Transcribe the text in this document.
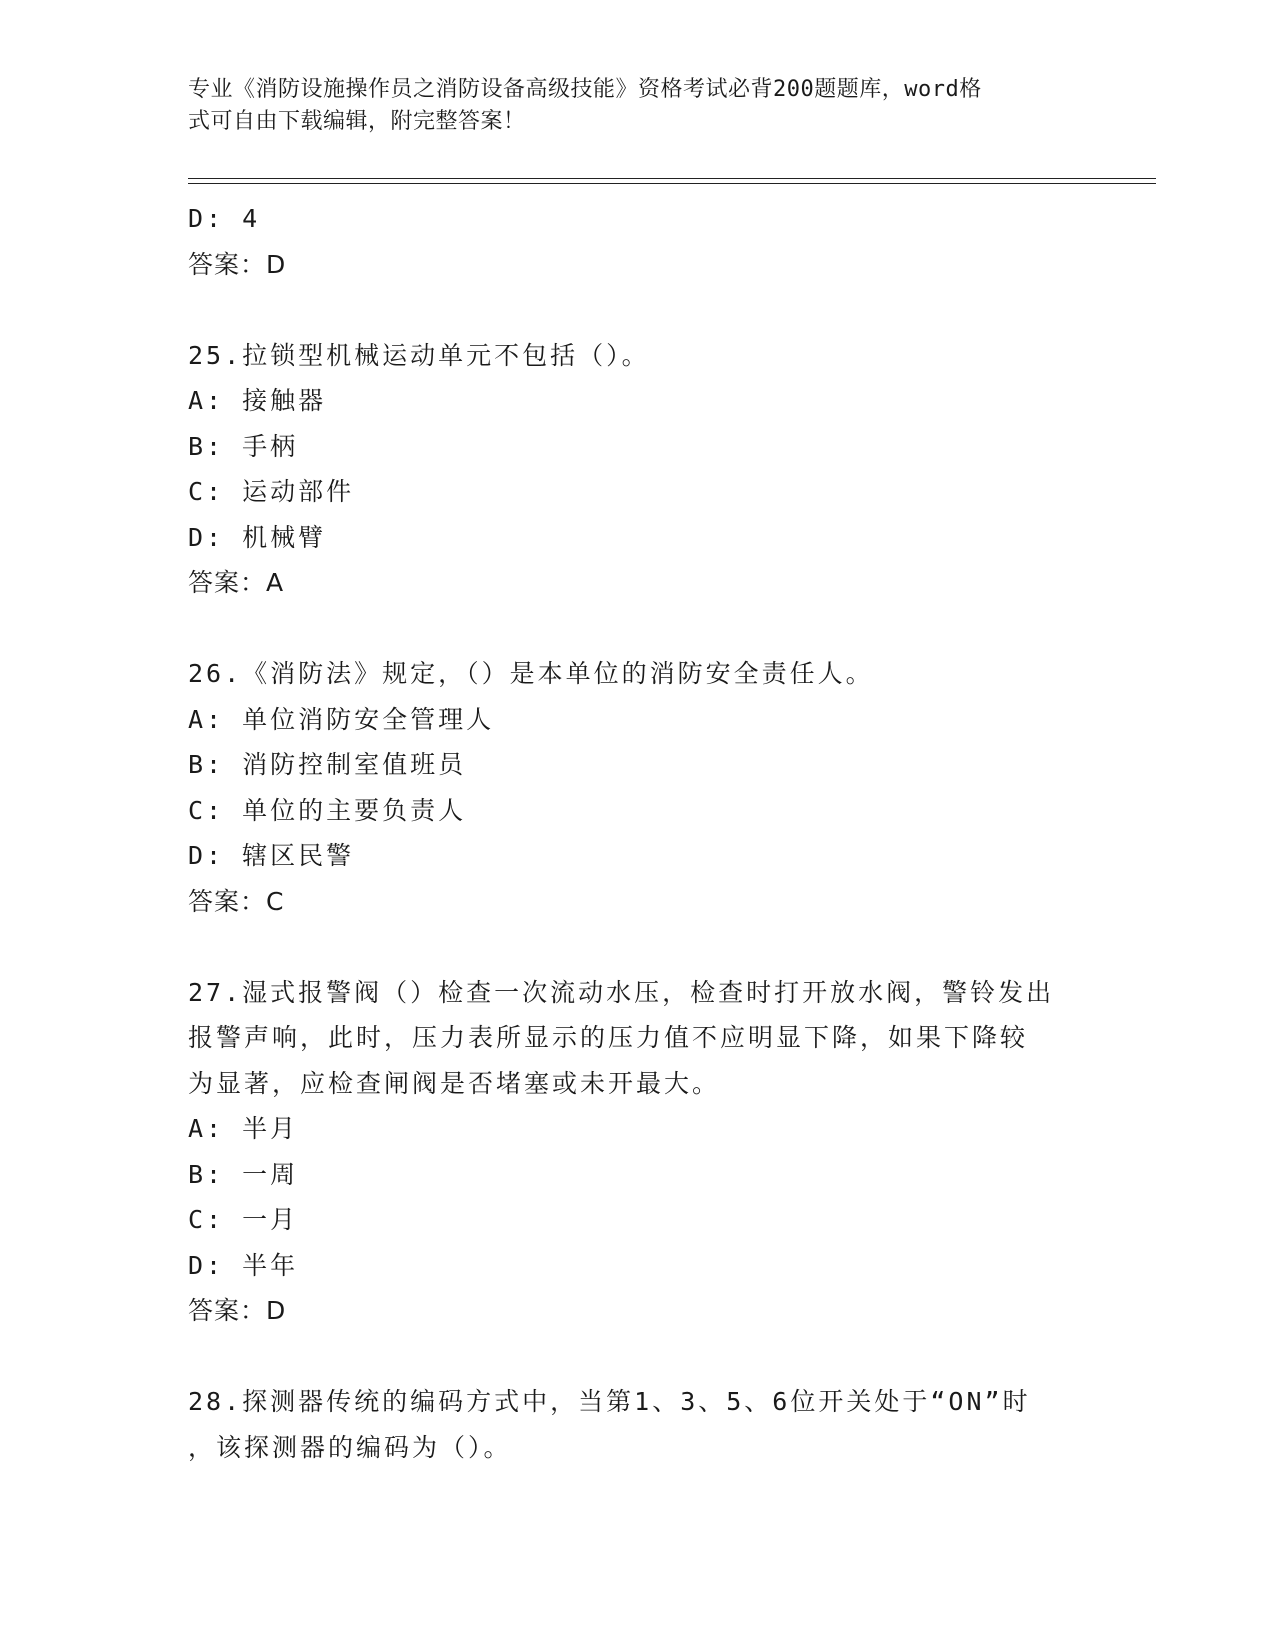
专业《消防设施操作员之消防设备高级技能》资格考试必背200题题库，word格
式可自由下载编辑，附完整答案！
D: 4
答案：D
25.拉锁型机械运动单元不包括（）。
A: 接触器
B: 手柄
C: 运动部件
D: 机械臂
答案：A
26.《消防法》规定，（）是本单位的消防安全责任人。
A: 单位消防安全管理人
B: 消防控制室值班员
C: 单位的主要负责人
D: 辖区民警
答案：C
27.湿式报警阀（）检查一次流动水压，检查时打开放水阀，警铃发出
报警声响，此时，压力表所显示的压力值不应明显下降，如果下降较
为显著，应检查闸阀是否堵塞或未开最大。
A: 半月
B: 一周
C: 一月
D: 半年
答案：D
28.探测器传统的编码方式中，当第1、3、5、6位开关处于“ON”时
，该探测器的编码为（）。
